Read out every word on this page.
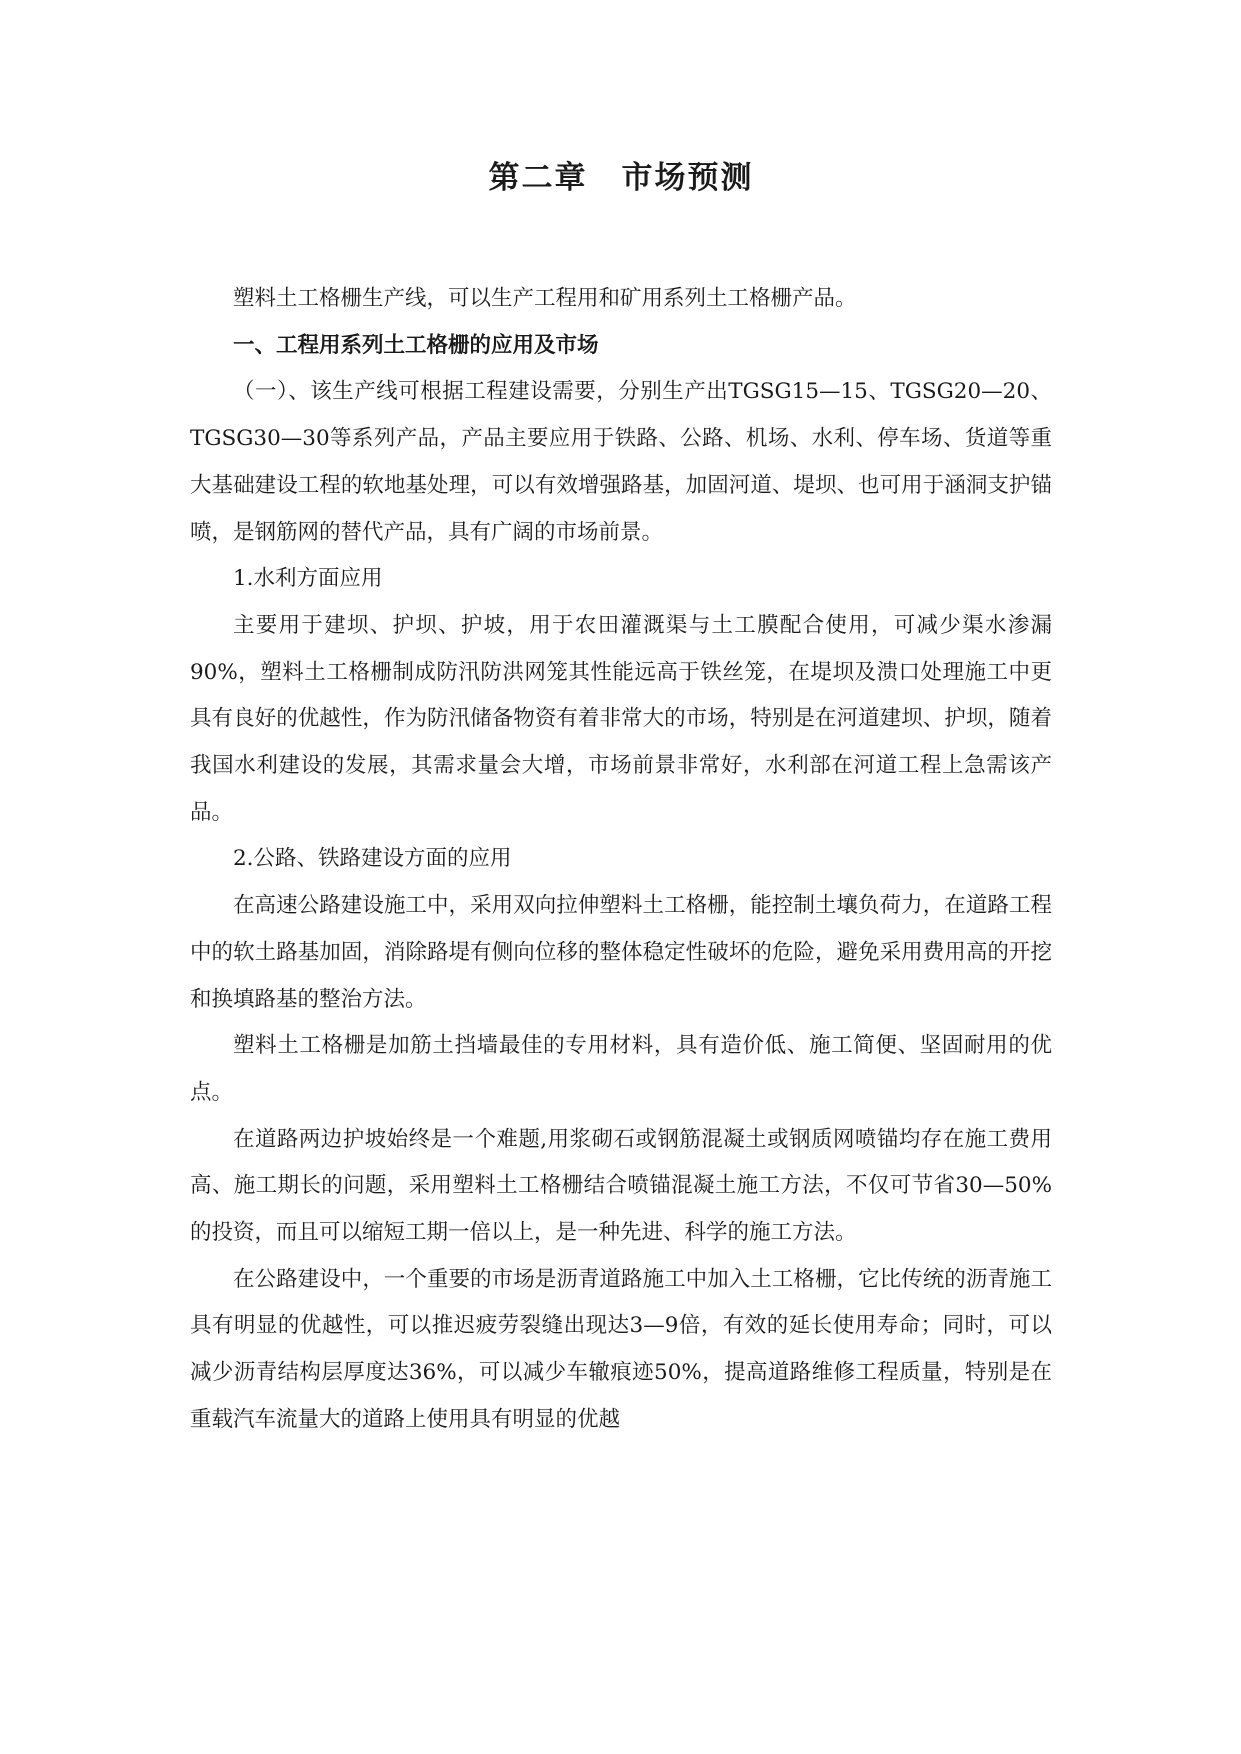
第二章 市场预测

塑料土工格栅生产线，可以生产工程用和矿用系列土工格栅产品。

一、工程用系列土工格栅的应用及市场

（一）、该生产线可根据工程建设需要，分别生产出TGSG15—15、TGSG20—20、TGSG30—30等系列产品，产品主要应用于铁路、公路、机场、水利、停车场、货道等重大基础建设工程的软地基处理，可以有效增强路基，加固河道、堤坝、也可用于涵洞支护锚喷，是钢筋网的替代产品，具有广阔的市场前景。

1.水利方面应用

主要用于建坝、护坝、护坡，用于农田灌溉渠与土工膜配合使用，可减少渠水渗漏90%，塑料土工格栅制成防汛防洪网笼其性能远高于铁丝笼，在堤坝及溃口处理施工中更具有良好的优越性，作为防汛储备物资有着非常大的市场，特别是在河道建坝、护坝，随着我国水利建设的发展，其需求量会大增，市场前景非常好，水利部在河道工程上急需该产品。

2.公路、铁路建设方面的应用

在高速公路建设施工中，采用双向拉伸塑料土工格栅，能控制土壤负荷力，在道路工程中的软土路基加固，消除路堤有侧向位移的整体稳定性破坏的危险，避免采用费用高的开挖和换填路基的整治方法。

塑料土工格栅是加筋土挡墙最佳的专用材料，具有造价低、施工简便、坚固耐用的优点。

在道路两边护坡始终是一个难题,用浆砌石或钢筋混凝土或钢质网喷锚均存在施工费用高、施工期长的问题，采用塑料土工格栅结合喷锚混凝土施工方法，不仅可节省30—50%的投资，而且可以缩短工期一倍以上，是一种先进、科学的施工方法。

在公路建设中，一个重要的市场是沥青道路施工中加入土工格栅，它比传统的沥青施工具有明显的优越性，可以推迟疲劳裂缝出现达3—9倍，有效的延长使用寿命；同时，可以减少沥青结构层厚度达36%，可以减少车辙痕迹50%，提高道路维修工程质量，特别是在重载汽车流量大的道路上使用具有明显的优越
